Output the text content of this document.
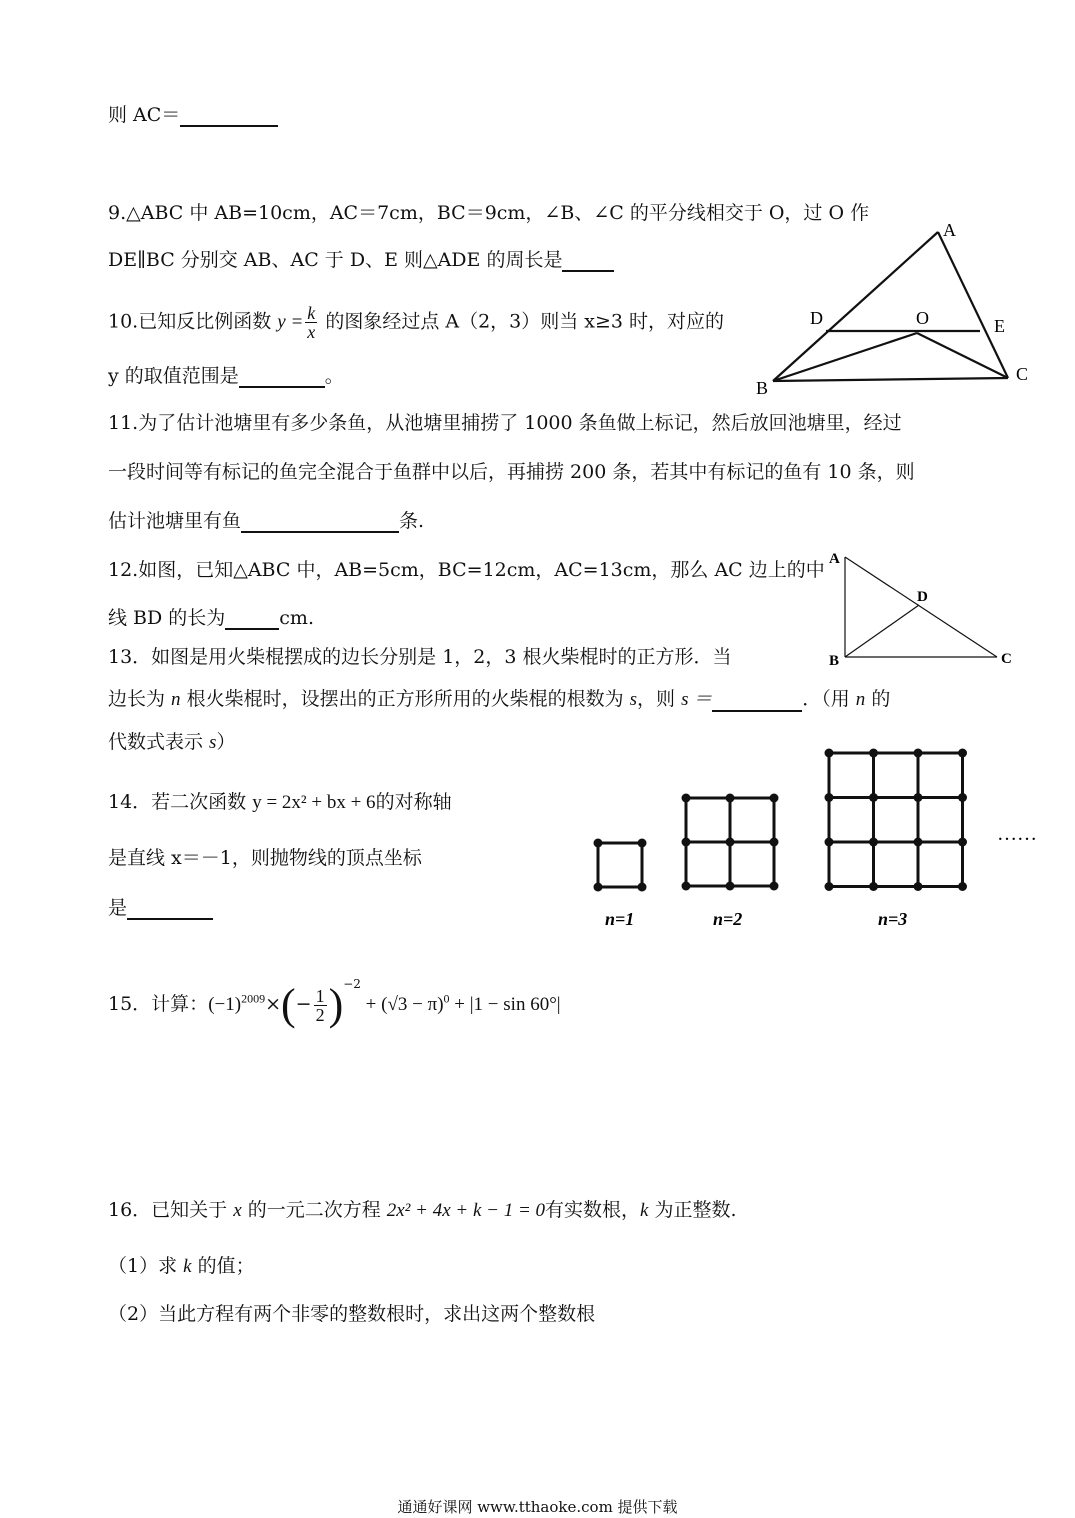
则 AC＝
9.△ABC 中 AB=10cm，AC＝7cm，BC＝9cm，∠B、∠C 的平分线相交于 O，过 O 作
DE∥BC 分别交 AB、AC 于 D、E 则△ADE 的周长是
10.已知反比例函数 $y = \frac{k}{x}$ 的图象经过点 A（2，3）则当 x≥3 时，对应的
y 的取值范围是	。
11.为了估计池塘里有多少条鱼，从池塘里捕捞了 1000 条鱼做上标记，然后放回池塘里，经过
一段时间等有标记的鱼完全混合于鱼群中以后，再捕捞 200 条，若其中有标记的鱼有 10 条，则
估计池塘里有鱼	条.
12.如图，已知△ABC 中，AB=5cm，BC=12cm，AC=13cm，那么 AC 边上的中
线 BD 的长为	cm.
13．如图是用火柴棍摆成的边长分别是 1，2，3 根火柴棍时的正方形．当
边长为 n 根火柴棍时，设摆出的正方形所用的火柴棍的根数为 s，则 s ＝	．（用 n 的
代数式表示 s）
14．若二次函数 y = 2x² + bx + 6的对称轴
是直线 x＝－1，则抛物线的顶点坐标
是
15．计算：$(-1)^{2009}\times(- \frac{1}{2} )^{-2} + (√3 - \pi)^0 + |1 - \sin 60^\circ|$
16．已知关于 x 的一元二次方程 2x² + 4x + k − 1 = 0有实数根，k 为正整数.
（1）求 k 的值；
（2）当此方程有两个非零的整数根时，求出这两个整数根
A
D	O	E
B
C
A
D
B	C
n=1	n=2	n=3
……
通通好课网 www.tthaoke.com 提供下载
